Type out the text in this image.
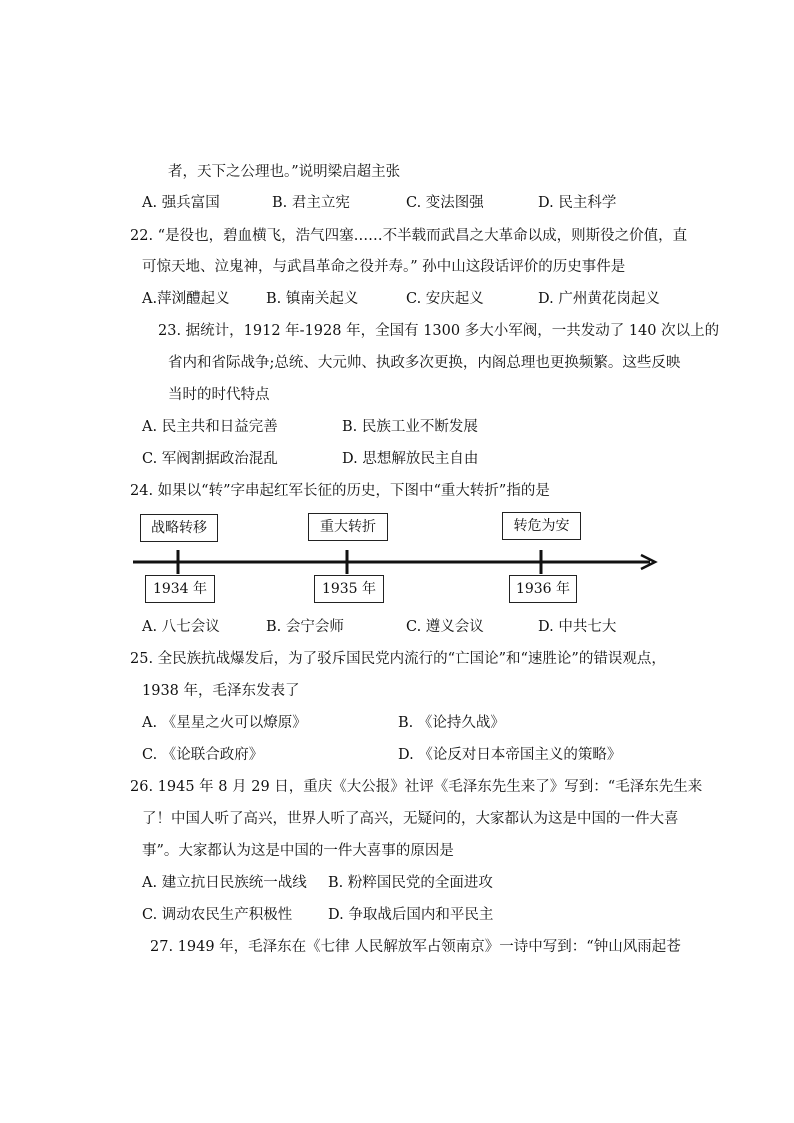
者，天下之公理也。”说明梁启超主张
A. 强兵富国	B. 君主立宪	C. 变法图强	D. 民主科学
22. “是役也，碧血横飞，浩气四塞……不半载而武昌之大革命以成，则斯役之价值，直
可惊天地、泣鬼神，与武昌革命之役并寿。” 孙中山这段话评价的历史事件是
A.萍浏醴起义	B. 镇南关起义	C. 安庆起义	D. 广州黄花岗起义
23. 据统计，1912 年-1928 年，全国有 1300 多大小军阀，一共发动了 140 次以上的
省内和省际战争;总统、大元帅、执政多次更换，内阁总理也更换频繁。这些反映
当时的时代特点
A. 民主共和日益完善	B. 民族工业不断发展
C. 军阀割据政治混乱	D. 思想解放民主自由
24. 如果以“转”字串起红军长征的历史，下图中“重大转折”指的是
战略转移	重大转折	转危为安
1934 年	1935 年	1936 年
A. 八七会议	B. 会宁会师	C. 遵义会议	D. 中共七大
25. 全民族抗战爆发后，为了驳斥国民党内流行的“亡国论”和“速胜论”的错误观点，
1938 年，毛泽东发表了
A. 《星星之火可以燎原》	B. 《论持久战》
C. 《论联合政府》	D. 《论反对日本帝国主义的策略》
26. 1945 年 8 月 29 日，重庆《大公报》社评《毛泽东先生来了》写到：“毛泽东先生来
了！中国人听了高兴，世界人听了高兴，无疑问的，大家都认为这是中国的一件大喜
事”。大家都认为这是中国的一件大喜事的原因是
A. 建立抗日民族统一战线 B. 粉粹国民党的全面进攻
C. 调动农民生产积极性 D. 争取战后国内和平民主
27. 1949 年，毛泽东在《七律 人民解放军占领南京》一诗中写到：“钟山风雨起苍
